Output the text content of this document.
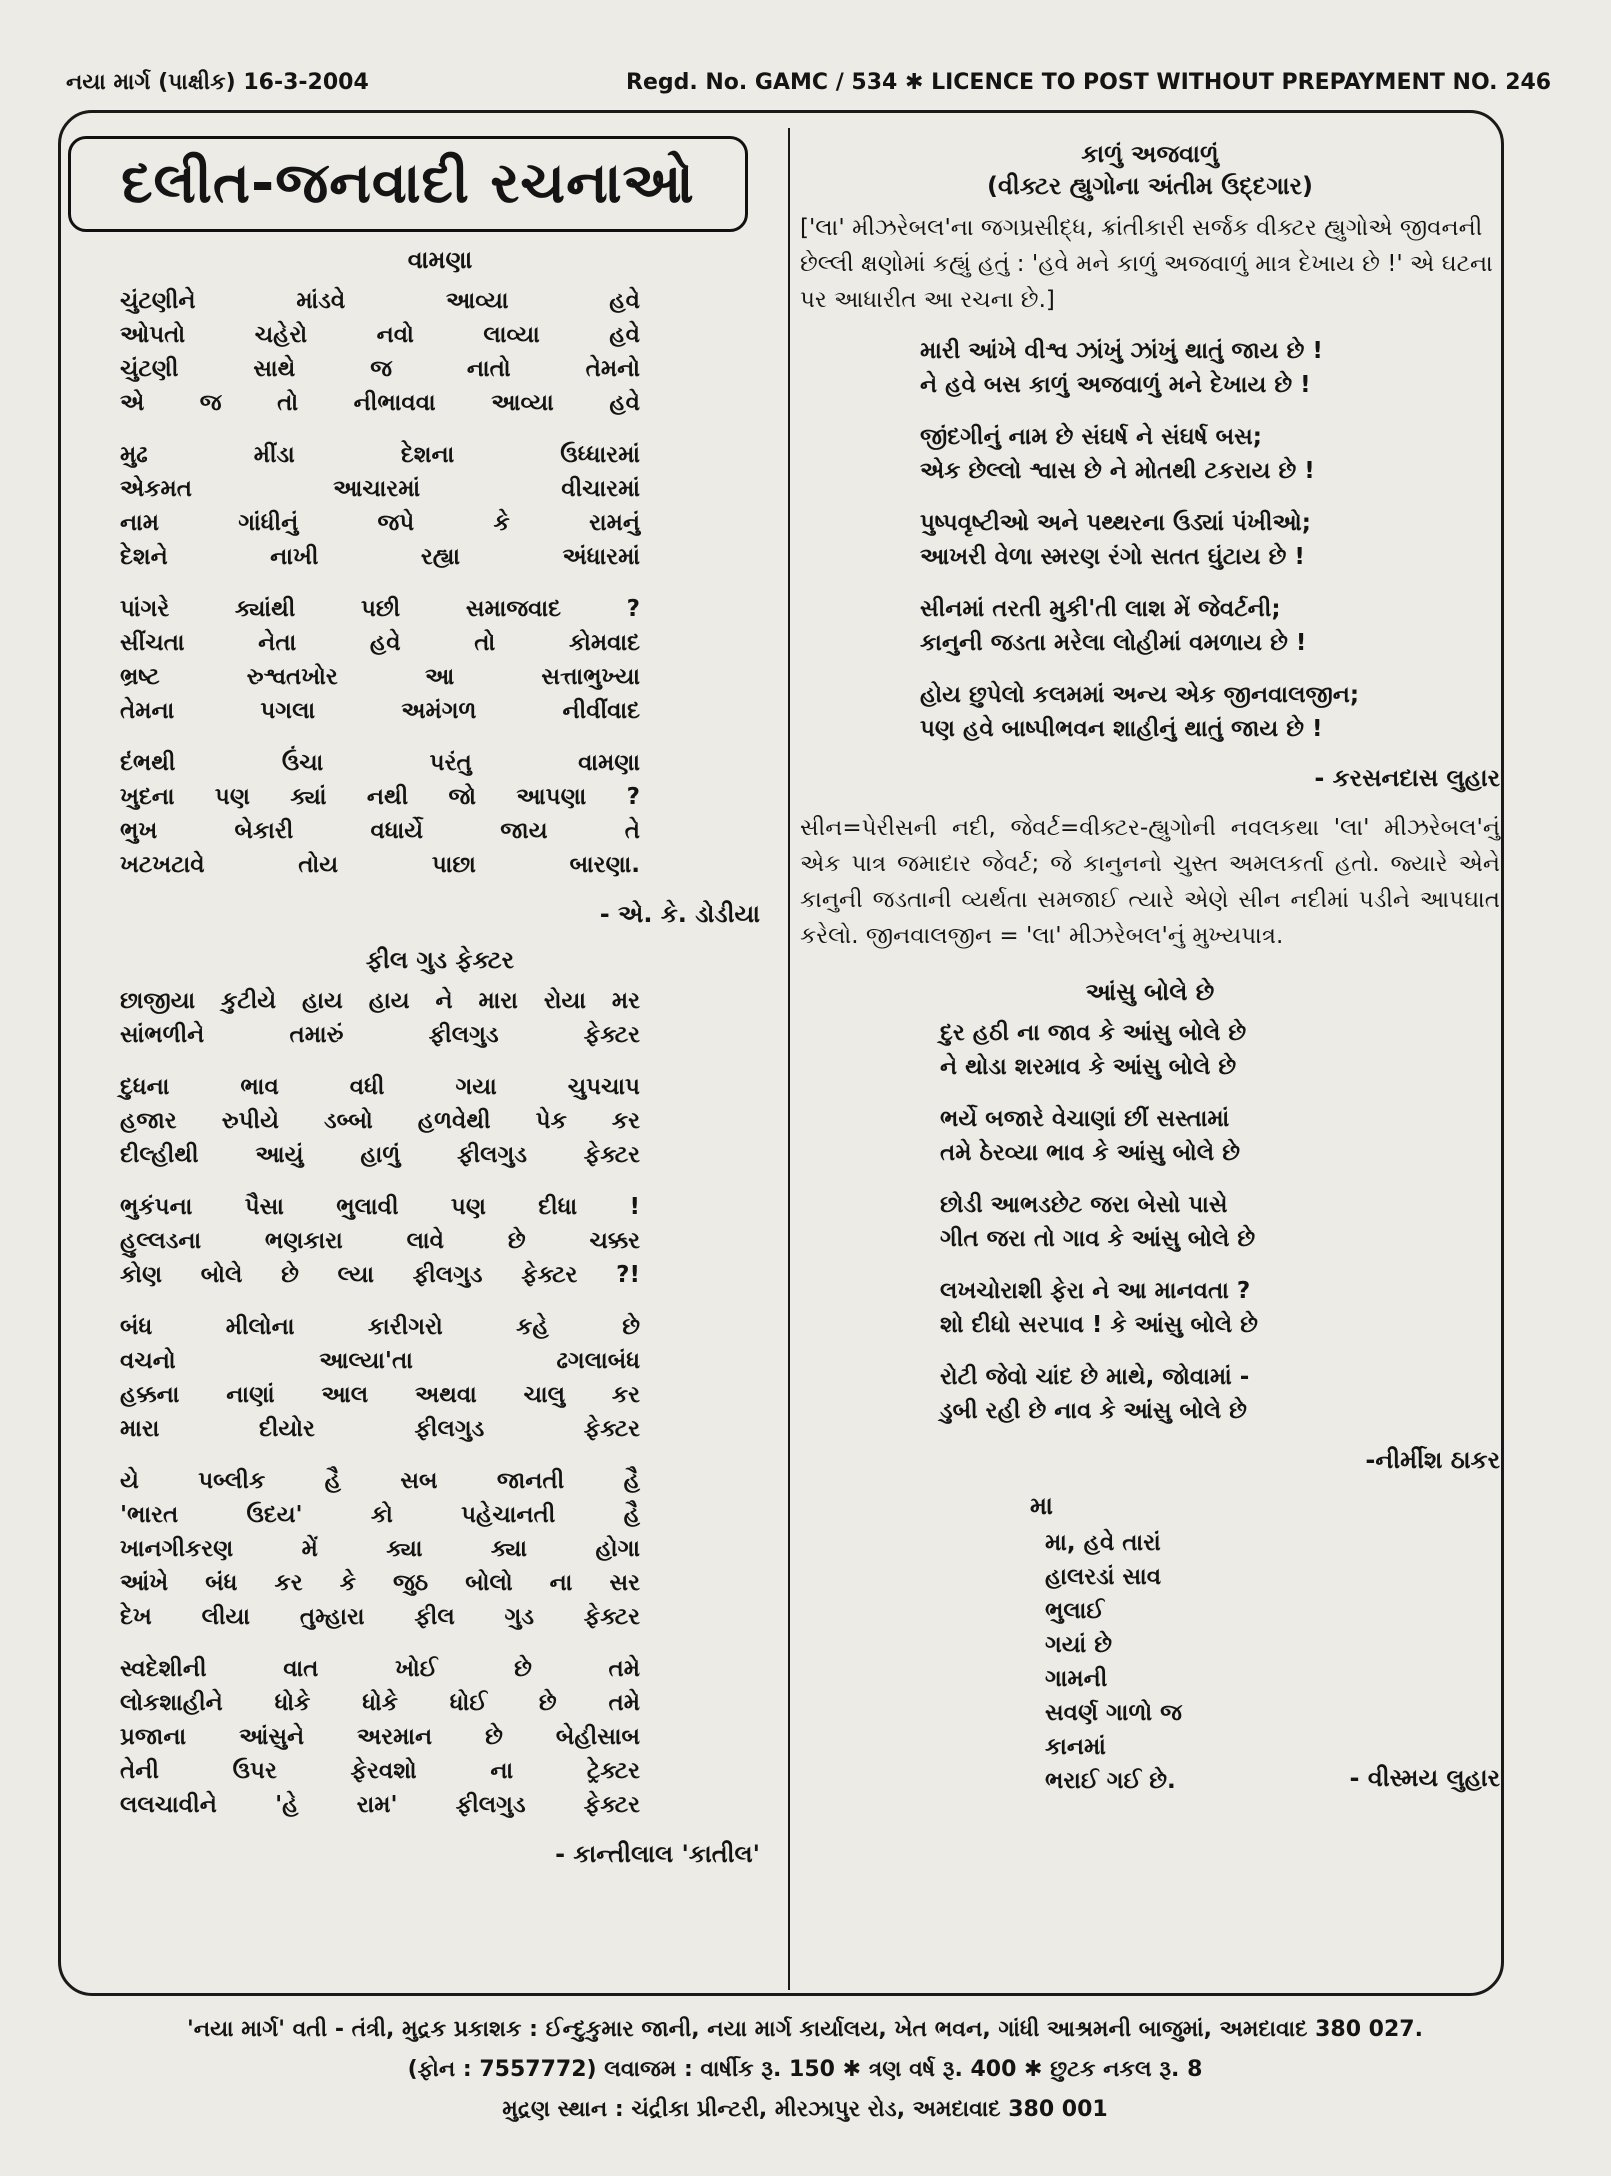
નયા માર્ગ (પાક્ષીક) 16-3-2004	Regd. No. GAMC / 534 ✱ LICENCE TO POST WITHOUT PREPAYMENT NO. 246
દલીત-જનવાદી રચનાઓ
વામણા
ચુંટણીને માંડવે આવ્યા હવે
ઓપતો ચહેરો નવો લાવ્યા હવે
ચુંટણી સાથે જ નાતો તેમનો
એ જ તો નીભાવવા આવ્યા હવે
મુઢ મીંડા દેશના ઉધ્ધારમાં
એકમત આચારમાં વીચારમાં
નામ ગાંધીનું જપે કે રામનું
દેશને નાખી રહ્યા અંધારમાં
પાંગરે ક્યાંથી પછી સમાજવાદ ?
સીંચતા નેતા હવે તો કોમવાદ
ભ્રષ્ટ રુશ્વતખોર આ સત્તાભુખ્યા
તેમના પગલા અમંગળ નીવીંવાદ
દંભથી ઉંચા પરંતુ વામણા
ખુદના પણ ક્યાં નથી જો આપણા ?
ભુખ બેકારી વધાર્યે જાય તે
ખટખટાવે તોય પાછા બારણા.
- એ. કે. ડોડીયા
ફીલ ગુડ ફેક્ટર
છાજીયા કુટીયે હાય હાય ને મારા રોયા મર
સાંભળીને તમારું ફીલગુડ ફેક્ટર
દુધના ભાવ વધી ગયા ચુપચાપ
હજાર રુપીયે ડબ્બો હળવેથી પેક કર
દીલ્હીથી આયું હાળું ફીલગુડ ફેક્ટર
ભુકંપના પૈસા ભુલાવી પણ દીધા !
હુલ્લડના ભણકારા લાવે છે ચક્કર
કોણ બોલે છે લ્યા ફીલગુડ ફેક્ટર ?!
બંધ મીલોના કારીગરો કહે છે
વચનો આલ્યા'તા ઢગલાબંધ
હક્કના નાણાં આલ અથવા ચાલુ કર
મારા દીયોર ફીલગુડ ફેક્ટર
યે પબ્લીક હૈ સબ જાનતી હૈ
'ભારત ઉદય' કો પહેચાનતી હૈ
ખાનગીકરણ મેં ક્યા ક્યા હોગા
આંખે બંધ કર કે જુઠ બોલો ના સર
દેખ લીયા તુમ્હારા ફીલ ગુડ ફેક્ટર
સ્વદેશીની વાત ખોઈ છે તમે
લોકશાહીને ધોકે ધોકે ધોઈ છે તમે
પ્રજાના આંસુને અરમાન છે બેહીસાબ
તેની ઉપર ફેરવશો ના ટ્રેક્ટર
લલચાવીને 'હે રામ' ફીલગુડ ફેક્ટર
- કાન્તીલાલ 'કાતીલ'
કાળું અજવાળું
(વીક્ટર હ્યુગોના અંતીમ ઉદ્દગાર)
['લા' મીઝરેબલ'ના જગપ્રસીદ્ધ, ક્રાંતીકારી સર્જક વીક્ટર હ્યુગોએ જીવનની છેલ્લી ક્ષણોમાં કહ્યું હતું : 'હવે મને કાળું અજવાળું માત્ર દેખાય છે !' એ ઘટના પર આધારીત આ રચના છે.]
મારી આંખે વીશ્વ ઝાંખું ઝાંખું થાતું જાય છે !
ને હવે બસ કાળું અજવાળું મને દેખાય છે !
જીંદગીનું નામ છે સંઘર્ષ ને સંઘર્ષ બસ;
એક છેલ્લો શ્વાસ છે ને મોતથી ટકરાય છે !
પુષ્પવૃષ્ટીઓ અને પથ્થરના ઉડ્યાં પંખીઓ;
આખરી વેળા સ્મરણ રંગો સતત ઘુંટાય છે !
સીનમાં તરતી મુકી'તી લાશ મેં જેવર્ટની;
કાનુની જડતા મરેલા લોહીમાં વમળાય છે !
હોય છુપેલો કલમમાં અન્ય એક જીનવાલજીન;
પણ હવે બાષ્પીભવન શાહીનું થાતું જાય છે !
- કરસનદાસ લુહાર
સીન=પેરીસની નદી, જેવર્ટ=વીક્ટર-હ્યુગોની નવલકથા 'લા' મીઝરેબલ'નું એક પાત્ર જમાદાર જેવર્ટ; જે કાનુનનો ચુસ્ત અમલકર્તા હતો. જ્યારે એને કાનુની જડતાની વ્યર્થતા સમજાઈ ત્યારે એણે સીન નદીમાં પડીને આપઘાત કરેલો. જીનવાલજીન = 'લા' મીઝરેબલ'નું મુખ્યપાત્ર.
આંસુ બોલે છે
દુર હઠી ના જાવ કે આંસુ બોલે છે
ને થોડા શરમાવ કે આંસુ બોલે છે
ભર્યે બજારે વેચાણાં છીં સસ્તામાં
તમે ઠેરવ્યા ભાવ કે આંસુ બોલે છે
છોડી આભડછેટ જરા બેસો પાસે
ગીત જરા તો ગાવ કે આંસુ બોલે છે
લખચોરાશી ફેરા ને આ માનવતા ?
શો દીધો સરપાવ ! કે આંસુ બોલે છે
રોટી જેવો ચાંદ છે માથે, જોવામાં -
ડુબી રહી છે નાવ કે આંસુ બોલે છે
-નીર્મીશ ઠાકર
મા
મા, હવે તારાં
હાલરડાં સાવ
ભુલાઈ
ગયાં છે
ગામની
સવર્ણ ગાળો જ
કાનમાં
ભરાઈ ગઈ છે.	- વીસ્મય લુહાર
'નયા માર્ગ' વતી - તંત્રી, મુદ્રક પ્રકાશક : ઈન્દુકુમાર જાની, નયા માર્ગ કાર્યાલય, ખેત ભવન, ગાંધી આશ્રમની બાજુમાં, અમદાવાદ 380 027.
(ફોન : 7557772) લવાજમ : વાર્ષીક રૂ. 150 ✱ ત્રણ વર્ષ રૂ. 400 ✱ છુટક નકલ રૂ. 8
મુદ્રણ સ્થાન : ચંદ્રીકા પ્રીન્ટરી, મીરઝાપુર રોડ, અમદાવાદ 380 001
